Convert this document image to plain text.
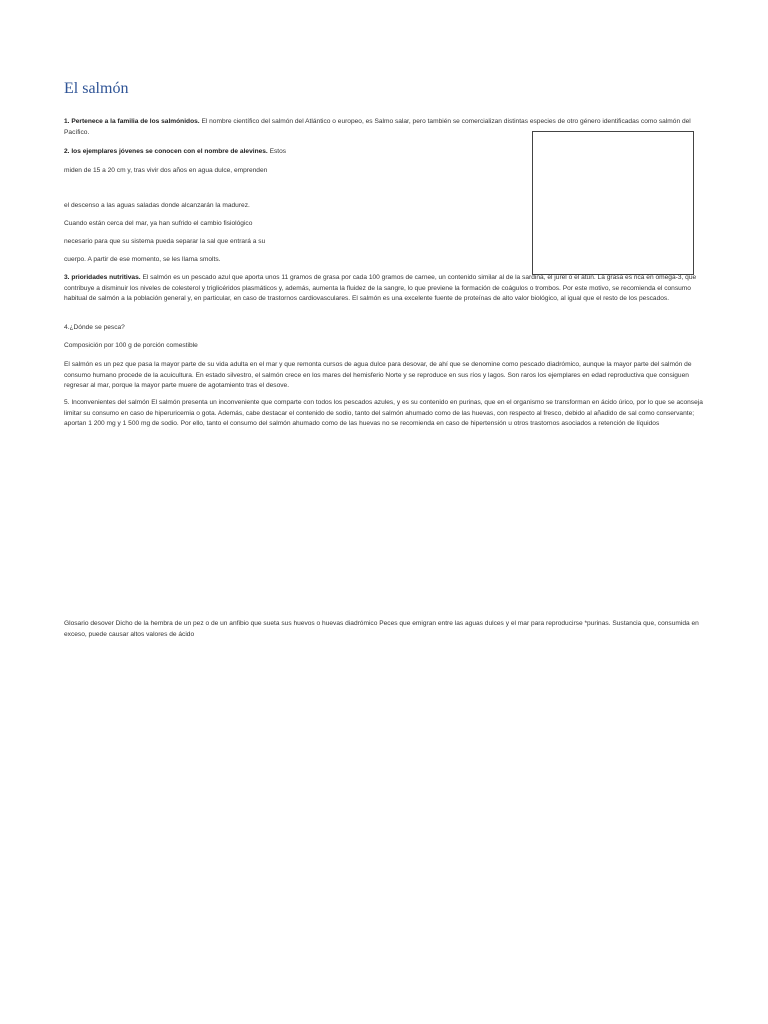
El salmón

1. Pertenece a la familia de los salmónidos. El nombre científico del salmón del Atlántico o europeo, es Salmo salar, pero también se comercializan distintas especies de otro género identificadas como salmón del Pacífico.

2. los ejemplares jóvenes se conocen con el nombre de alevines. Estos

miden de 15 a 20 cm y, tras vivir dos años en agua dulce, emprenden

el descenso a las aguas saladas donde alcanzarán la madurez.

Cuando están cerca del mar, ya han sufrido el cambio fisiológico

necesario para que su sistema pueda separar la sal que entrará a su

cuerpo. A partir de ese momento, se les llama smolts.

3. prioridades nutritivas. El salmón es un pescado azul que aporta unos 11 gramos de grasa por cada 100 gramos de carnee, un contenido similar al de la sardina, el jurel o el atún. La grasa es rica en omega-3, que contribuye a disminuir los niveles de colesterol y triglicéridos plasmáticos y, además, aumenta la fluidez de la sangre, lo que previene la formación de coágulos o trombos. Por este motivo, se recomienda el consumo habitual de salmón a la población general y, en particular, en caso de trastornos cardiovasculares. El salmón es una excelente fuente de proteínas de alto valor biológico, al igual que el resto de los pescados.

4.¿Dónde se pesca?

Composición por 100 g de porción comestible

El salmón es un pez que pasa la mayor parte de su vida adulta en el mar y que remonta cursos de agua dulce para desovar, de ahí que se denomine como pescado diadrómico, aunque la mayor parte del salmón de consumo humano procede de la acuicultura. En estado silvestro, el salmón crece en los mares del hemisferio Norte y se reproduce en sus ríos y lagos. Son raros los ejemplares en edad reproductiva que consiguen regresar al mar, porque la mayor parte muere de agotamiento tras el desove.

5. Inconvenientes del salmón El salmón presenta un inconveniente que comparte con todos los pescados azules, y es su contenido en purinas, que en el organismo se transforman en ácido úrico, por lo que se aconseja limitar su consumo en caso de hiperuricemia o gota. Además, cabe destacar el contenido de sodio, tanto del salmón ahumado como de las huevas, con respecto al fresco, debido al añadido de sal como conservante; aportan 1 200 mg y 1 500 mg de sodio. Por ello, tanto el consumo del salmón ahumado como de las huevas no se recomienda en caso de hipertensión u otros trastornos asociados a retención de líquidos

Glosario desover Dicho de la hembra de un pez o de un anfibio que sueta sus huevos o huevas diadrómico Peces que emigran entre las aguas dulces y el mar para reproducirse *purinas. Sustancia que, consumida en exceso, puede causar altos valores de ácido
